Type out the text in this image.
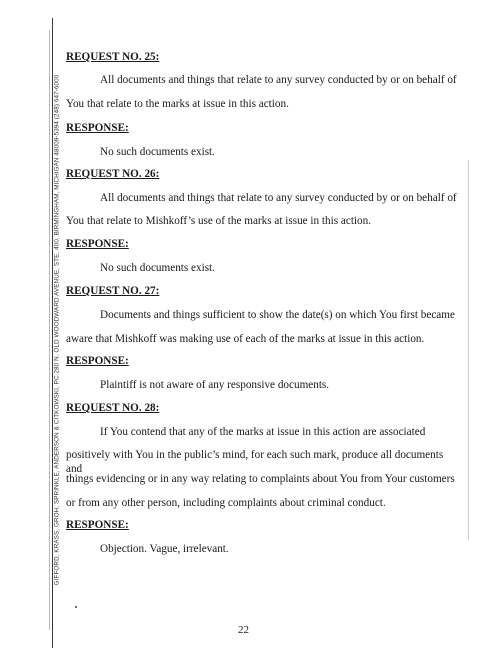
GIFFORD, KRASS, GROH, SPRINKLE, ANDERSON & CITKOWSKI, PC 280 N. OLD WOODWARD AVENUE, STE. 400, BIRMINGHAM, MICHIGAN 48009-5394 (248) 647-6000

REQUEST NO. 25:

All documents and things that relate to any survey conducted by or on behalf of

You that relate to the marks at issue in this action.

RESPONSE:

No such documents exist.

REQUEST NO. 26:

All documents and things that relate to any survey conducted by or on behalf of

You that relate to Mishkoff’s use of the marks at issue in this action.

RESPONSE:

No such documents exist.

REQUEST NO. 27:

Documents and things sufficient to show the date(s) on which You first became

aware that Mishkoff was making use of each of the marks at issue in this action.

RESPONSE:

Plaintiff is not aware of any responsive documents.

REQUEST NO. 28:

If You contend that any of the marks at issue in this action are associated

positively with You in the public’s mind, for each such mark, produce all documents and

things evidencing or in any way relating to complaints about You from Your customers

or from any other person, including complaints about criminal conduct.

RESPONSE:

Objection. Vague, irrelevant.

22
